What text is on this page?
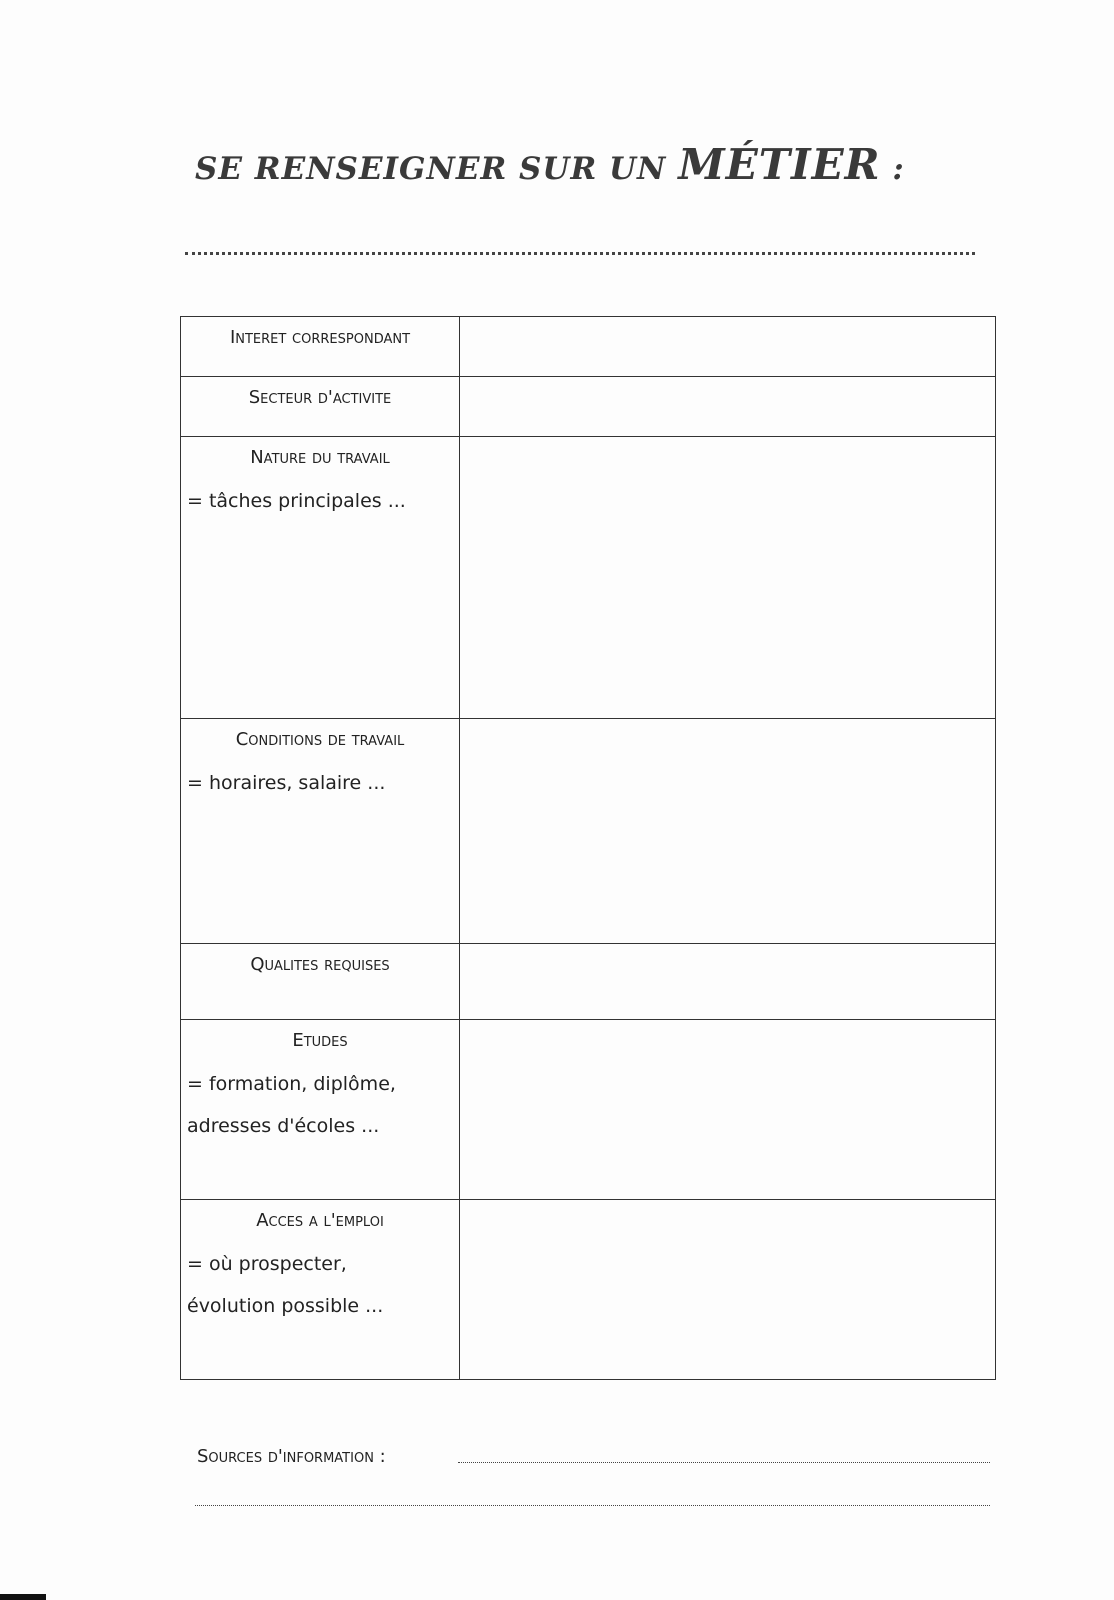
SE RENSEIGNER SUR UN MÉTIER :
Interet correspondant	

Secteur d'activite	

Nature du travail
= tâches principales ...	

Conditions de travail
= horaires, salaire ...	

Qualites requises	

Etudes
= formation, diplôme,
adresses d'écoles ...	

Acces a l'emploi
= où prospecter,
évolution possible ...	

Sources d'information :
